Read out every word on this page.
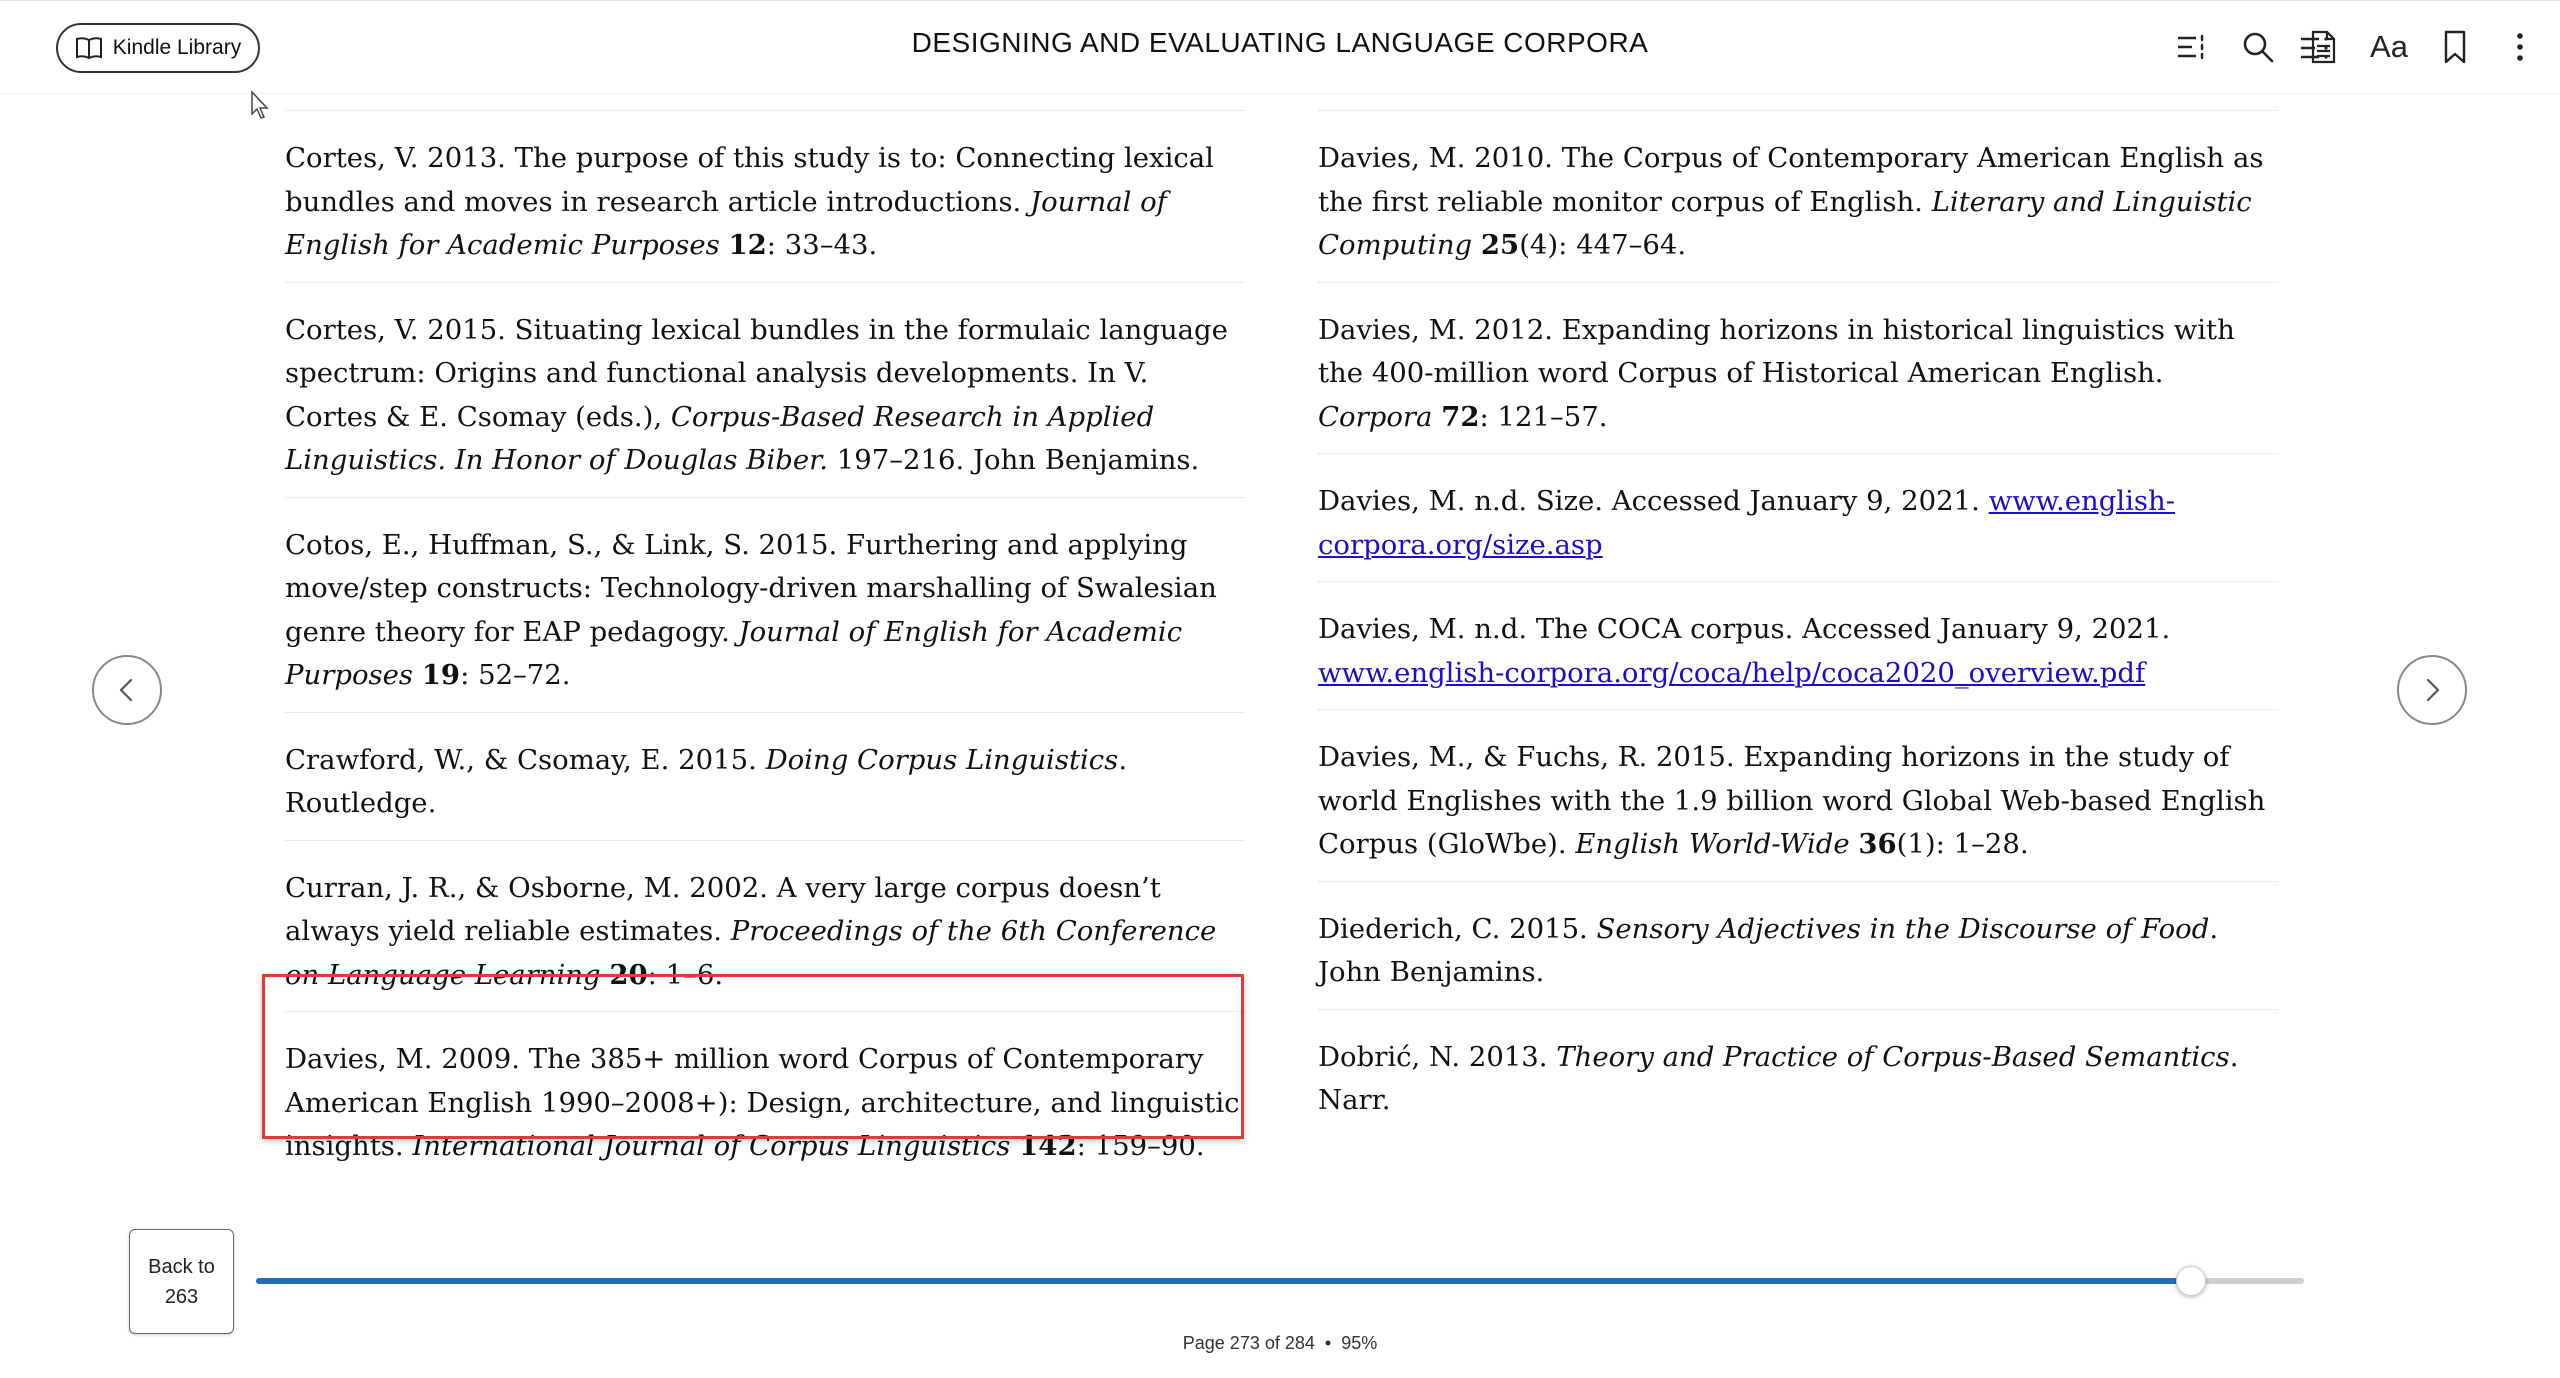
Kindle Library	DESIGNING AND EVALUATING LANGUAGE CORPORA	Aa
Cortes, V. 2013. The purpose of this study is to: Connecting lexical bundles and moves in research article introductions. Journal of English for Academic Purposes 12: 33–43.
Cortes, V. 2015. Situating lexical bundles in the formulaic language spectrum: Origins and functional analysis developments. In V. Cortes & E. Csomay (eds.), Corpus-Based Research in Applied Linguistics. In Honor of Douglas Biber. 197–216. John Benjamins.
Cotos, E., Huffman, S., & Link, S. 2015. Furthering and applying move/step constructs: Technology-driven marshalling of Swalesian genre theory for EAP pedagogy. Journal of English for Academic Purposes 19: 52–72.
Crawford, W., & Csomay, E. 2015. Doing Corpus Linguistics. Routledge.
Curran, J. R., & Osborne, M. 2002. A very large corpus doesn’t always yield reliable estimates. Proceedings of the 6th Conference on Language Learning 20: 1–6.
Davies, M. 2009. The 385+ million word Corpus of Contemporary American English 1990–2008+): Design, architecture, and linguistic insights. International Journal of Corpus Linguistics 142: 159–90.
Davies, M. 2010. The Corpus of Contemporary American English as the first reliable monitor corpus of English. Literary and Linguistic Computing 25(4): 447–64.
Davies, M. 2012. Expanding horizons in historical linguistics with the 400-million word Corpus of Historical American English. Corpora 72: 121–57.
Davies, M. n.d. Size. Accessed January 9, 2021. www.english-corpora.org/size.asp
Davies, M. n.d. The COCA corpus. Accessed January 9, 2021. www.english-corpora.org/coca/help/coca2020_overview.pdf
Davies, M., & Fuchs, R. 2015. Expanding horizons in the study of world Englishes with the 1.9 billion word Global Web-based English Corpus (GloWbe). English World-Wide 36(1): 1–28.
Diederich, C. 2015. Sensory Adjectives in the Discourse of Food. John Benjamins.
Dobrić, N. 2013. Theory and Practice of Corpus-Based Semantics. Narr.
Back to
263
Page 273 of 284 • 95%
